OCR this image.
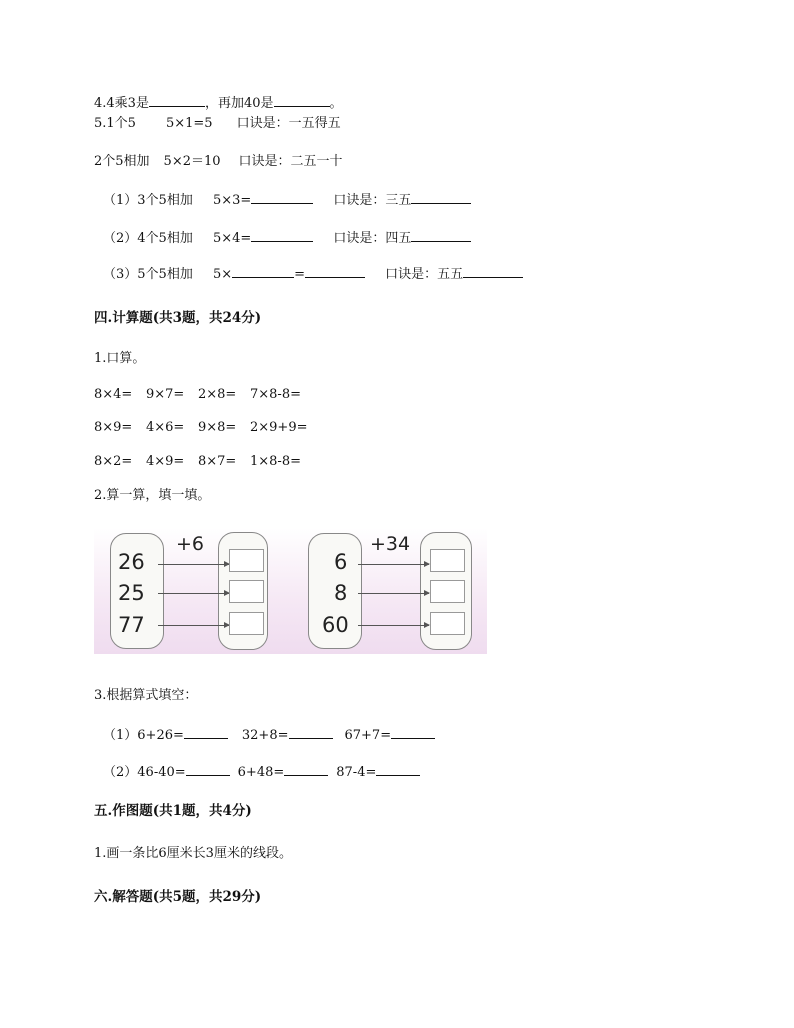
4.4乘3是	，再加40是	。
5.1个5 5×1=5 口诀是：一五得五
2个5相加 5×2＝10 口诀是：二五一十
（1）3个5相加 5×3=	口诀是：三五
（2）4个5相加 5×4=	口诀是：四五
（3）5个5相加 5×	=	口诀是：五五
四.计算题(共3题，共24分)
1.口算。
8×4= 9×7= 2×8= 7×8-8=
8×9= 4×6= 9×8= 2×9+9=
8×2= 4×9= 8×7= 1×8-8=
2.算一算，填一填。
+6
26
25
77
+34
6
8
60
3.根据算式填空：
（1）6+26=	32+8=	67+7=
（2）46-40=	6+48=	87-4=
五.作图题(共1题，共4分)
1.画一条比6厘米长3厘米的线段。
六.解答题(共5题，共29分)
